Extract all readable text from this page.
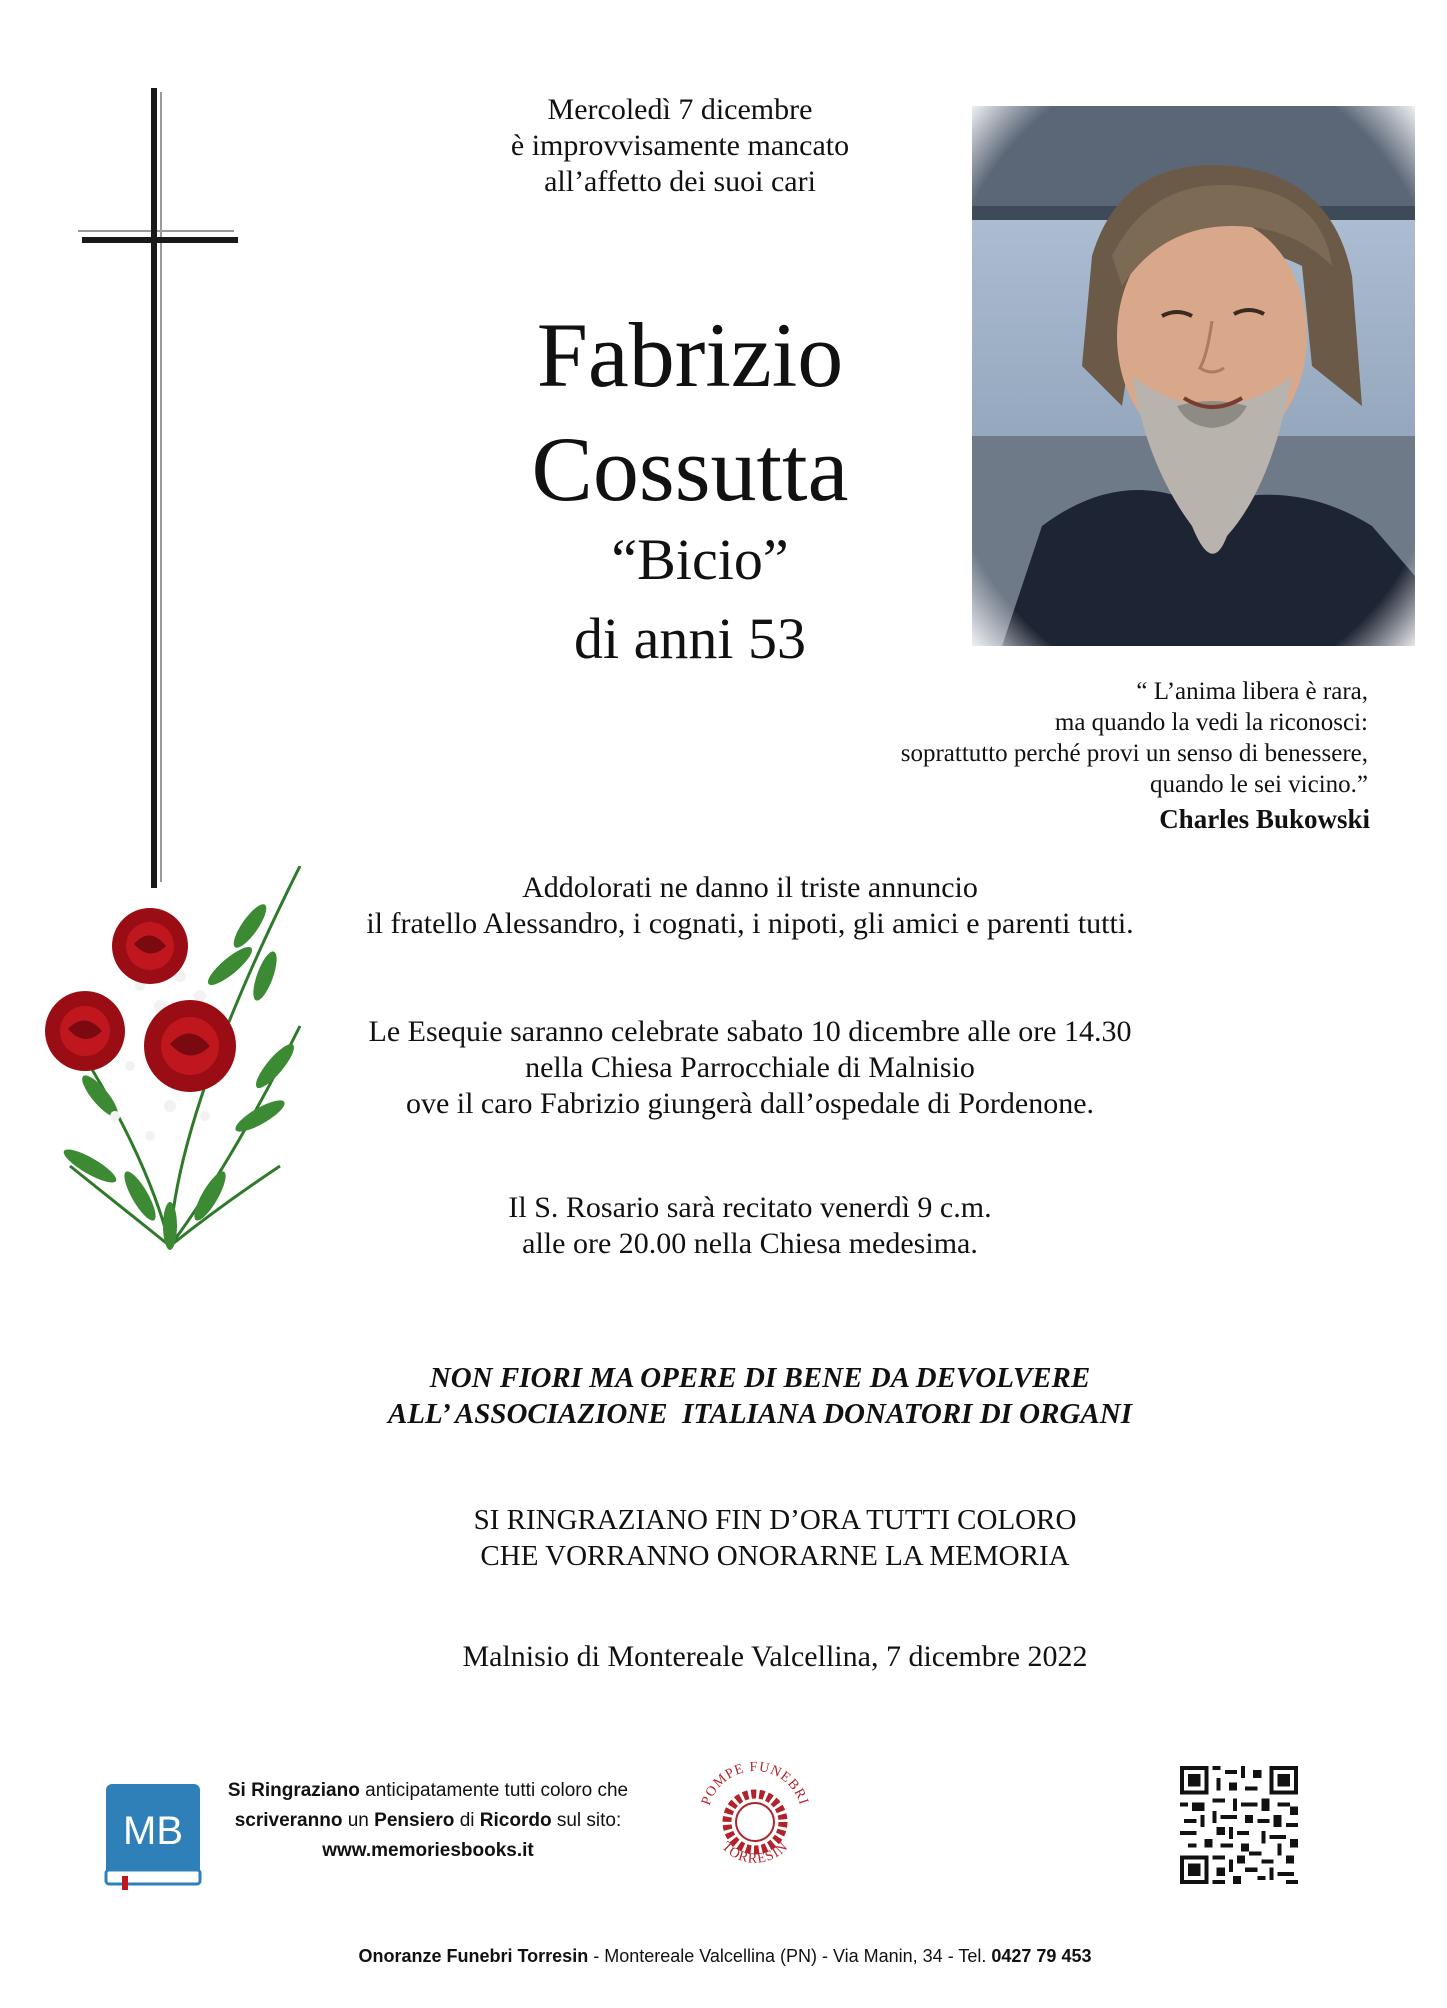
Mercoledì 7 dicembre
è improvvisamente mancato
all’affetto dei suoi cari
Fabrizio
Cossutta
“Bicio”
di anni 53
“ L’anima libera è rara,
ma quando la vedi la riconosci:
soprattutto perché provi un senso di benessere,
quando le sei vicino.”
Charles Bukowski
Addolorati ne danno il triste annuncio
il fratello Alessandro, i cognati, i nipoti, gli amici e parenti tutti.
Le Esequie saranno celebrate sabato 10 dicembre alle ore 14.30
nella Chiesa Parrocchiale di Malnisio
ove il caro Fabrizio giungerà dall’ospedale di Pordenone.
Il S. Rosario sarà recitato venerdì 9 c.m.
alle ore 20.00 nella Chiesa medesima.
NON FIORI MA OPERE DI BENE DA DEVOLVERE
ALL’ ASSOCIAZIONE  ITALIANA DONATORI DI ORGANI
SI RINGRAZIANO FIN D’ORA TUTTI COLORO
CHE VORRANNO ONORARNE LA MEMORIA
Malnisio di Montereale Valcellina, 7 dicembre 2022
MB
Si Ringraziano anticipatamente tutti coloro che
scriveranno un Pensiero di Ricordo sul sito:
www.memoriesbooks.it
POMPE FUNEBRI
TORRESIN
Onoranze Funebri Torresin - Montereale Valcellina (PN) - Via Manin, 34 - Tel. 0427 79 453
